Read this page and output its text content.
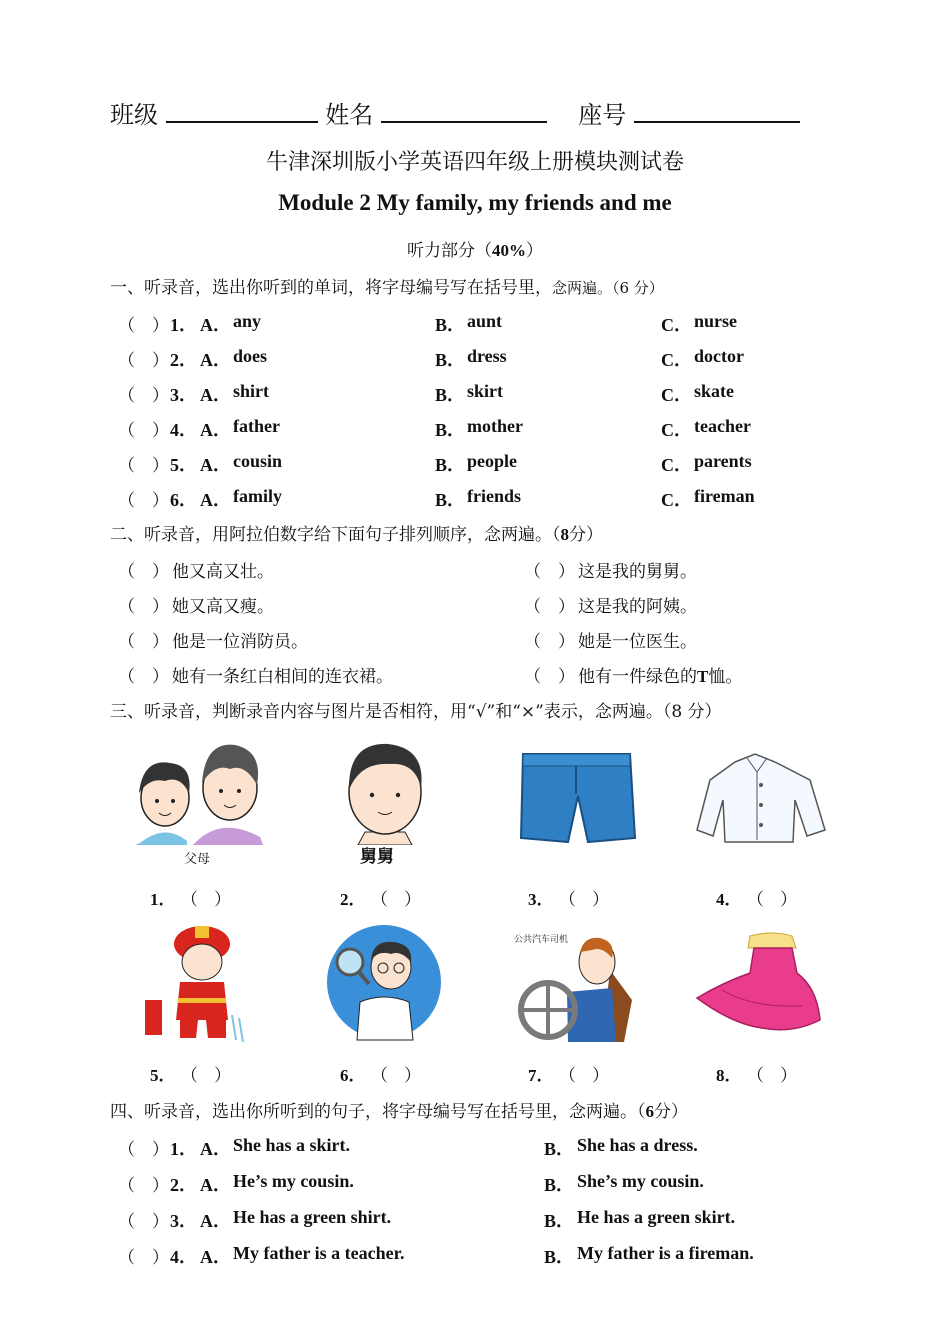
班级	姓名	座号
牛津深圳版小学英语四年级上册模块测试卷
Module 2 My family, my friends and me
听力部分（40%）
一、听录音，选出你听到的单词，将字母编号写在括号里，念两遍。（6 分）
（ ） 1． A． any	B． aunt	C． nurse
（ ） 2． A． does	B． dress	C． doctor
（ ） 3． A． shirt	B． skirt	C． skate
（ ） 4． A． father	B． mother	C． teacher
（ ） 5． A． cousin	B． people	C． parents
（ ） 6． A． family	B． friends	C． fireman
二、听录音，用阿拉伯数字给下面句子排列顺序，念两遍。（8分）
（ ） 他又高又壮。	（ ） 这是我的舅舅。
（ ） 她又高又瘦。	（ ） 这是我的阿姨。
（ ） 他是一位消防员。	（ ） 她是一位医生。
（ ） 她有一条红白相间的连衣裙。	（ ） 他有一件绿色的T恤。
三、听录音，判断录音内容与图片是否相符，用“√”和“×”表示，念两遍。（8 分）
父母	舅舅
1． （ ）	2． （ ）	3． （ ）	4． （ ）
公共汽车司机
5． （ ）	6． （ ）	7． （ ）	8． （ ）
四、听录音，选出你所听到的句子，将字母编号写在括号里，念两遍。（6分）
（ ） 1． A． She has a skirt.	B． She has a dress.
（ ） 2． A． He’s my cousin.	B． She’s my cousin.
（ ） 3． A． He has a green shirt.	B． He has a green skirt.
（ ） 4． A． My father is a teacher.	B． My father is a fireman.
